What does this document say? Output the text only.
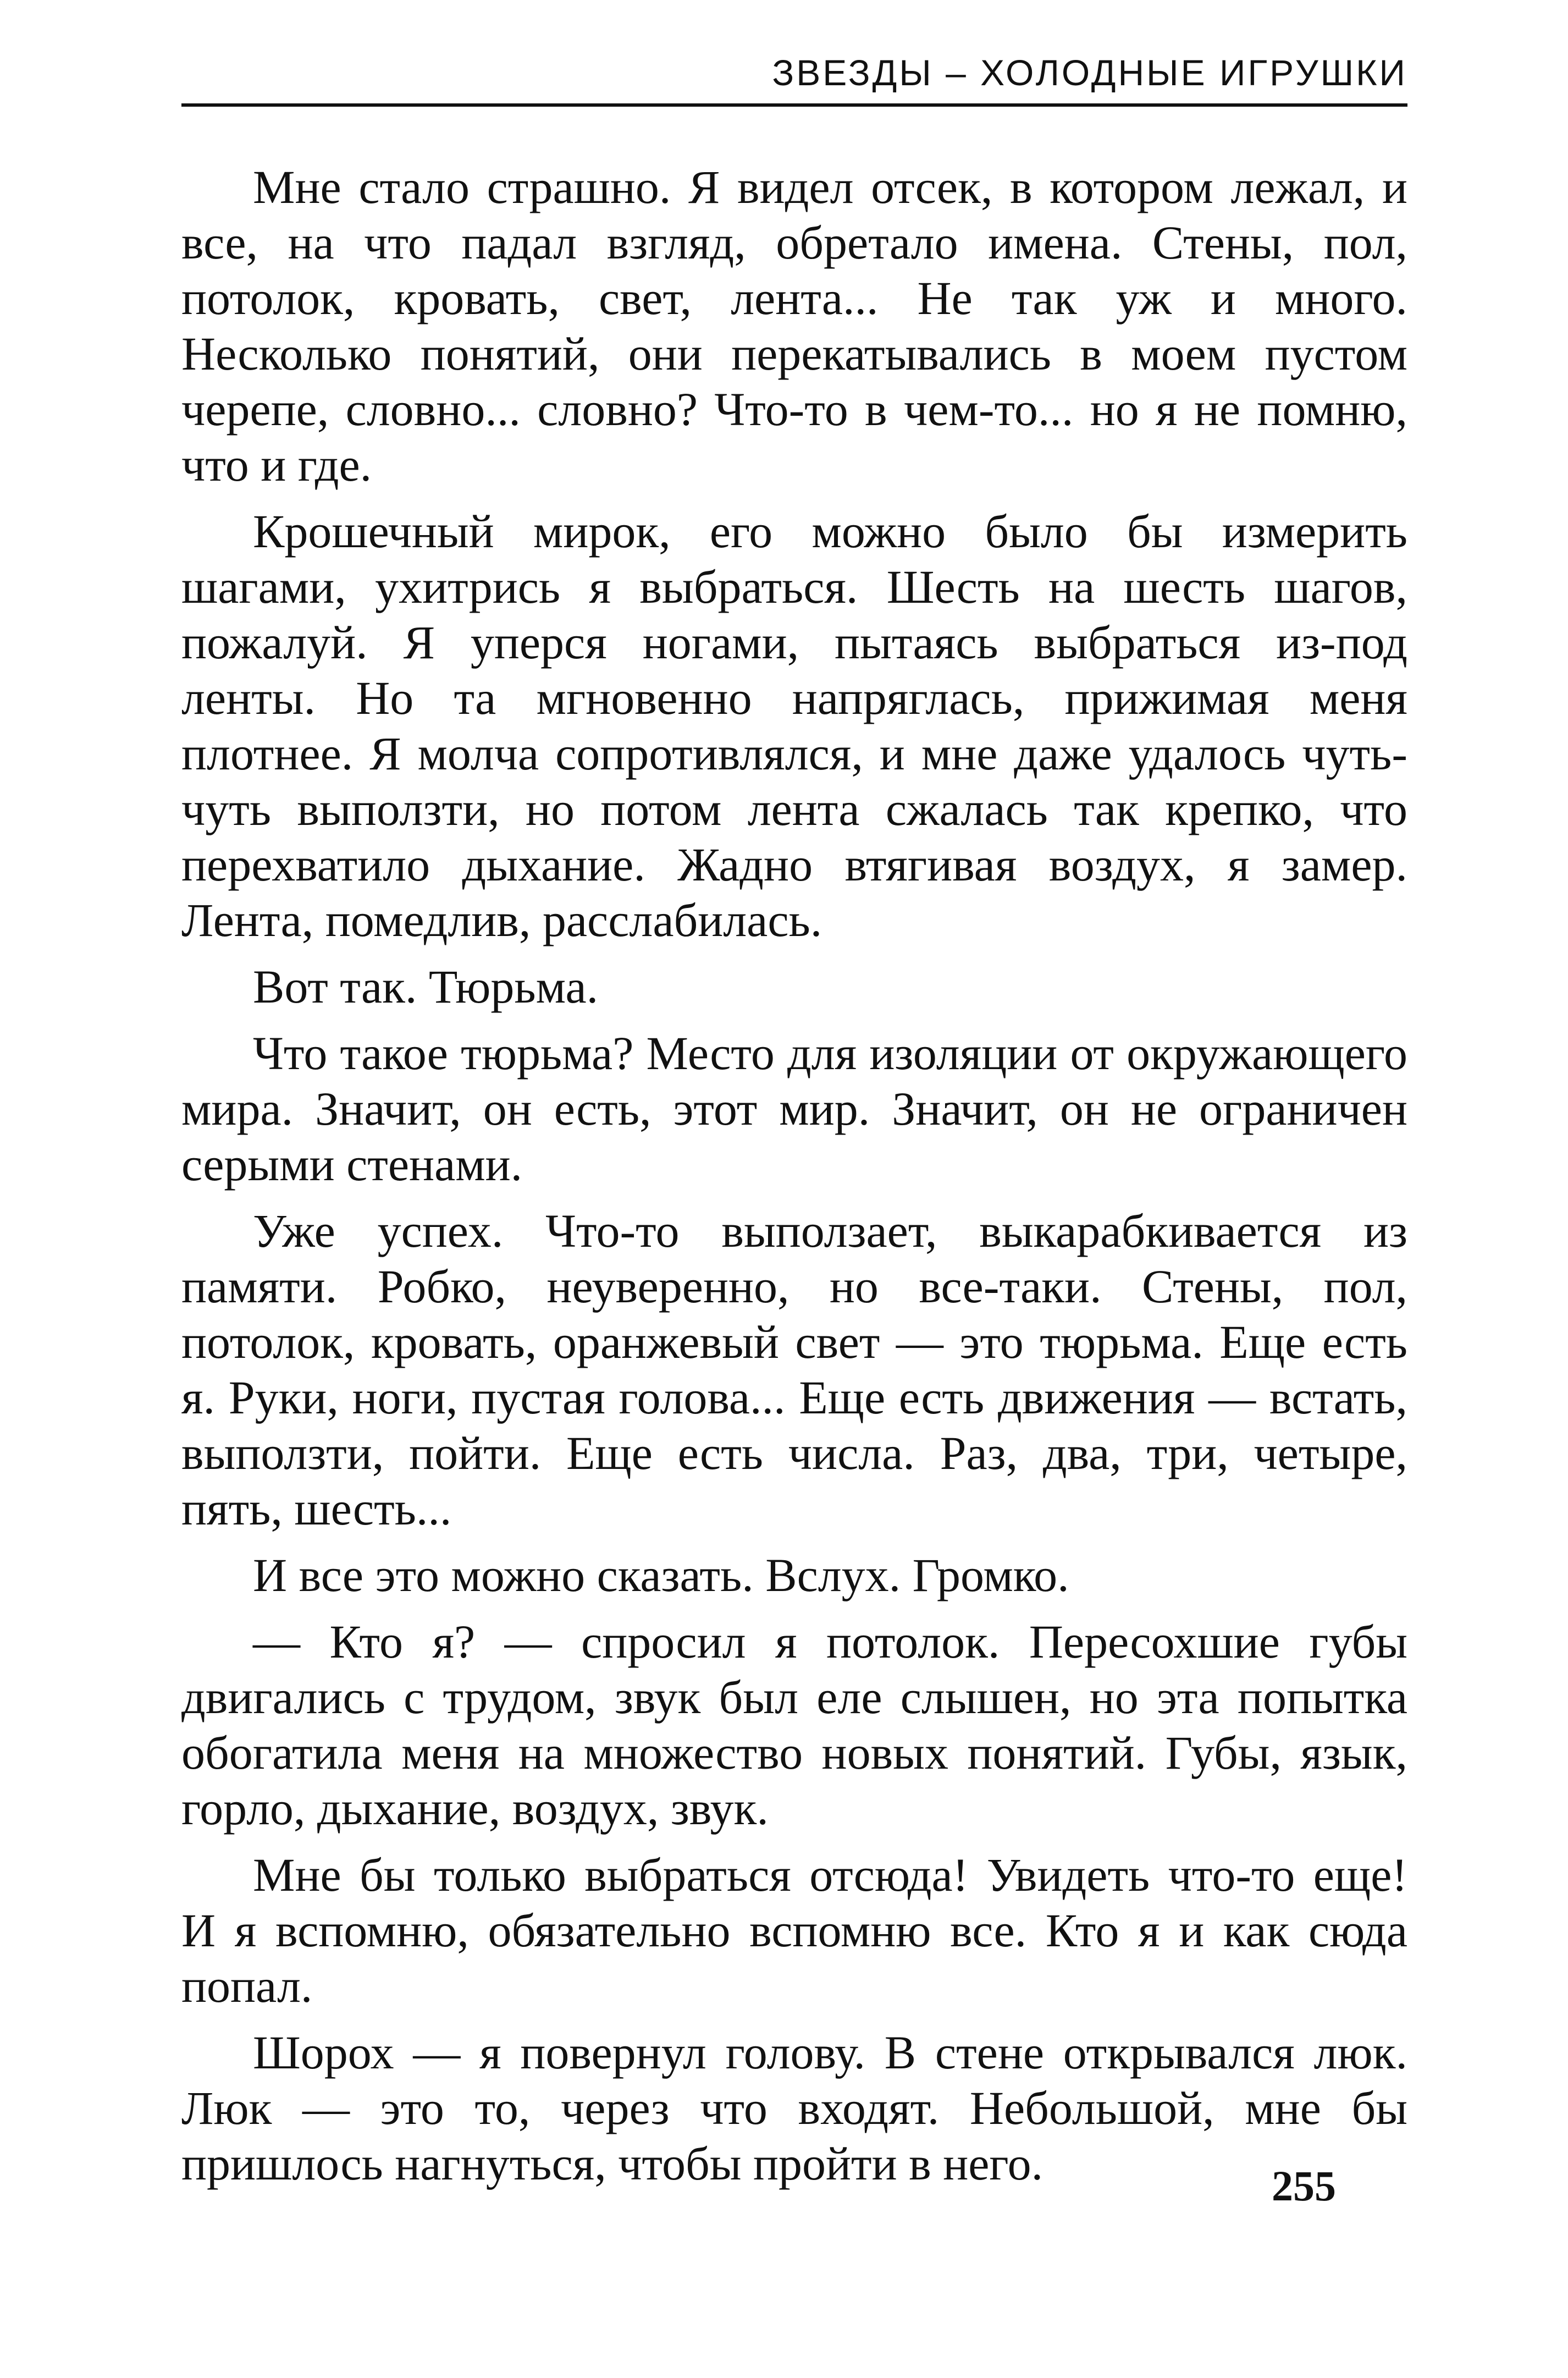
ЗВЕЗДЫ – ХОЛОДНЫЕ ИГРУШКИ

Мне стало страшно. Я видел отсек, в котором лежал, и все, на что падал взгляд, обретало имена. Стены, пол, потолок, кровать, свет, лента... Не так уж и много. Несколько понятий, они перекатывались в моем пустом черепе, словно... словно? Что-то в чем-то... но я не помню, что и где.

Крошечный мирок, его можно было бы измерить шагами, ухитрись я выбраться. Шесть на шесть шагов, пожалуй. Я уперся ногами, пытаясь выбраться из-под ленты. Но та мгновенно напряглась, прижимая меня плотнее. Я молча сопротивлялся, и мне даже удалось чуть-чуть выползти, но потом лента сжалась так крепко, что перехватило дыхание. Жадно втягивая воздух, я замер. Лента, помедлив, расслабилась.

Вот так. Тюрьма.

Что такое тюрьма? Место для изоляции от окружающего мира. Значит, он есть, этот мир. Значит, он не ограничен серыми стенами.

Уже успех. Что-то выползает, выкарабкивается из памяти. Робко, неуверенно, но все-таки. Стены, пол, потолок, кровать, оранжевый свет — это тюрьма. Еще есть я. Руки, ноги, пустая голова... Еще есть движения — встать, выползти, пойти. Еще есть числа. Раз, два, три, четыре, пять, шесть...

И все это можно сказать. Вслух. Громко.

— Кто я? — спросил я потолок. Пересохшие губы двигались с трудом, звук был еле слышен, но эта попытка обогатила меня на множество новых понятий. Губы, язык, горло, дыхание, воздух, звук.

Мне бы только выбраться отсюда! Увидеть что-то еще! И я вспомню, обязательно вспомню все. Кто я и как сюда попал.

Шорох — я повернул голову. В стене открывался люк. Люк — это то, через что входят. Небольшой, мне бы пришлось нагнуться, чтобы пройти в него.	255
